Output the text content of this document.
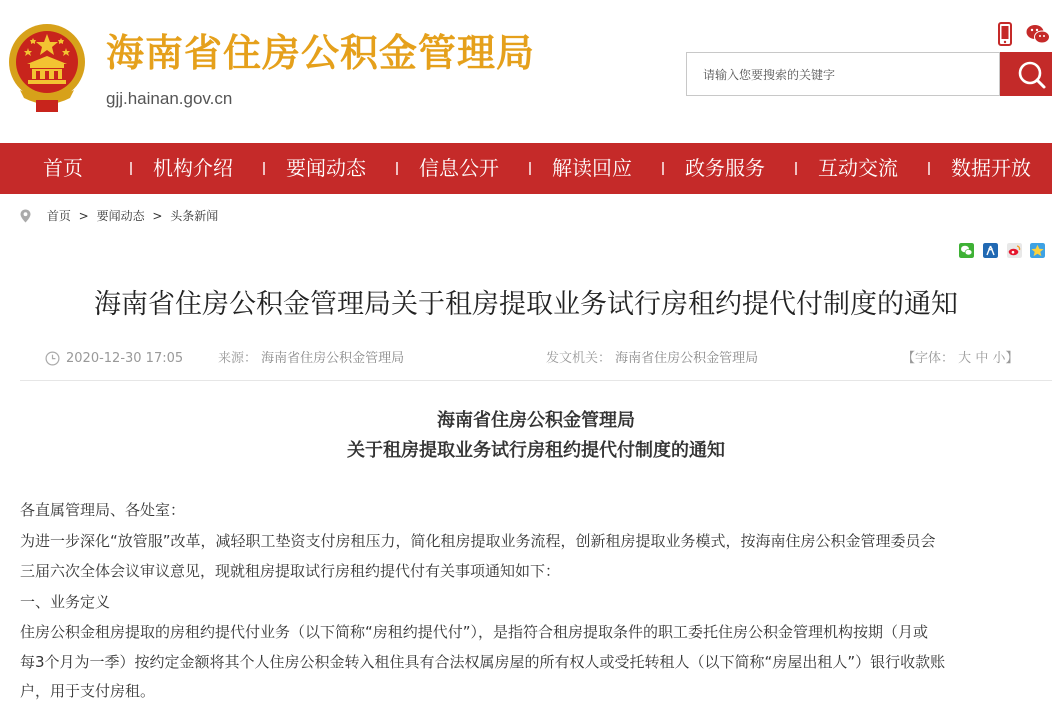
海南省住房公积金管理局
gjj.hainan.gov.cn
请输入您要搜索的关键字
首页	机构介绍	要闻动态	信息公开	解读回应	政务服务	互动交流	数据开放
首页 > 要闻动态 > 头条新闻
海南省住房公积金管理局关于租房提取业务试行房租约提代付制度的通知
2020-12-30 17:05	来源： 海南省住房公积金管理局	发文机关： 海南省住房公积金管理局	【字体： 大 中 小】
海南省住房公积金管理局
关于租房提取业务试行房租约提代付制度的通知
各直属管理局、各处室：
为进一步深化“放管服”改革，减轻职工垫资支付房租压力，简化租房提取业务流程，创新租房提取业务模式，按海南住房公积金管理委员会
三届六次全体会议审议意见，现就租房提取试行房租约提代付有关事项通知如下：
一、业务定义
住房公积金租房提取的房租约提代付业务（以下简称“房租约提代付”），是指符合租房提取条件的职工委托住房公积金管理机构按期（月或
每3个月为一季）按约定金额将其个人住房公积金转入租住具有合法权属房屋的所有权人或受托转租人（以下简称“房屋出租人”）银行收款账
户，用于支付房租。
